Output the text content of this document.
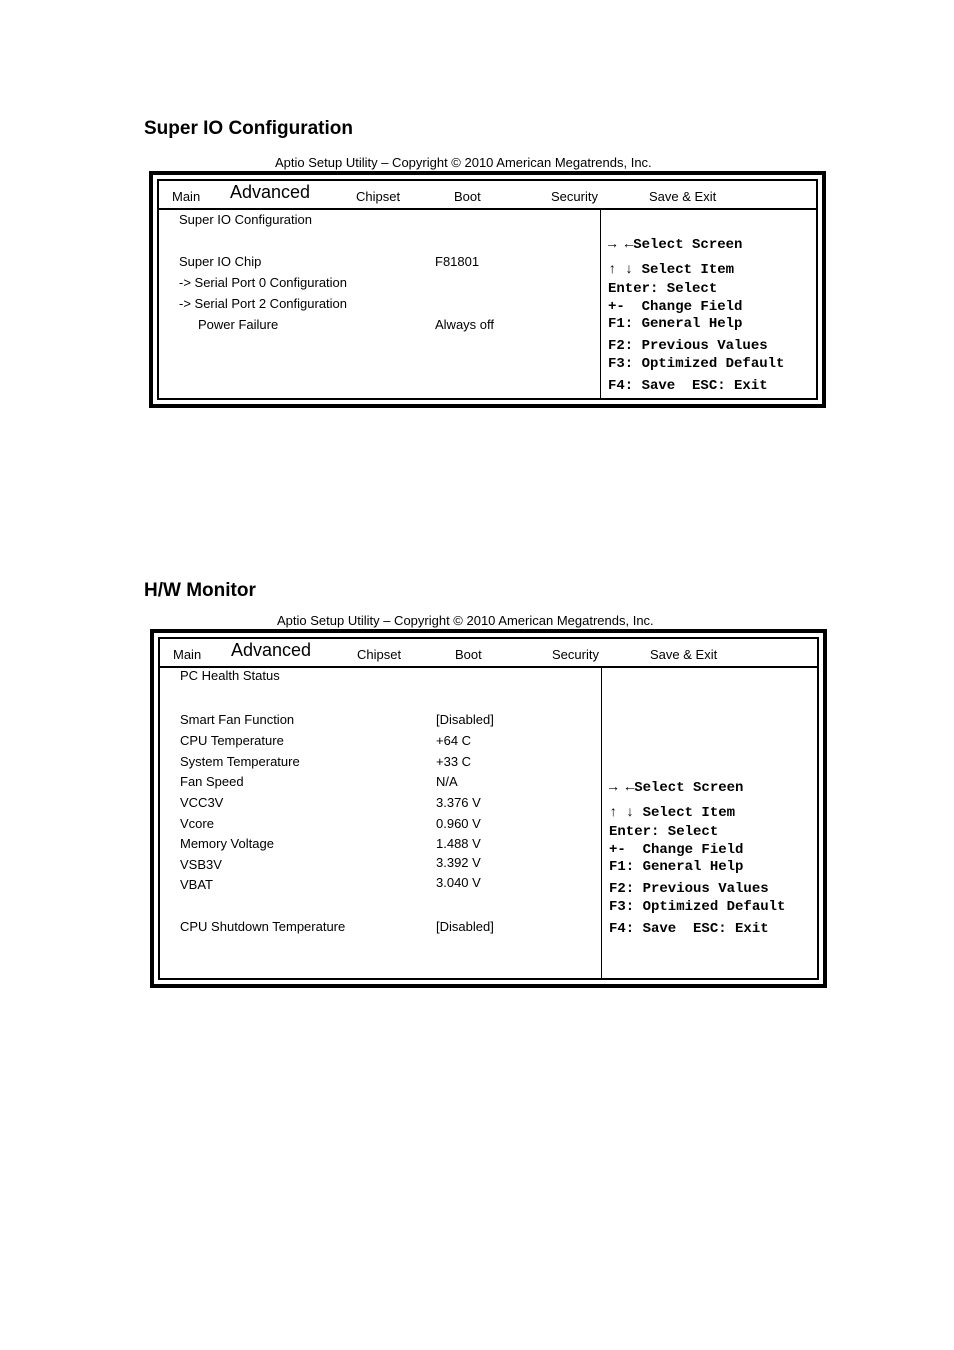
Super IO Configuration
Aptio Setup Utility – Copyright © 2010 American Megatrends, Inc.
Main Advanced	Chipset	Boot	Security	Save & Exit
Super IO Configuration
Super IO Chip	F81801
-> Serial Port 0 Configuration
-> Serial Port 2 Configuration
Power Failure	Always off
→ ←Select Screen
↑ ↓ Select Item
Enter: Select
+-  Change Field
F1: General Help
F2: Previous Values
F3: Optimized Default
F4: Save  ESC: Exit
H/W Monitor
Aptio Setup Utility – Copyright © 2010 American Megatrends, Inc.
Main Advanced	Chipset	Boot	Security	Save & Exit
PC Health Status
Smart Fan Function	[Disabled]
CPU Temperature	+64 C
System Temperature	+33 C
Fan Speed	N/A
VCC3V	3.376 V
Vcore	0.960 V
Memory Voltage	1.488 V
VSB3V	3.392 V
VBAT	3.040 V
CPU Shutdown Temperature	[Disabled]
→ ←Select Screen
↑ ↓ Select Item
Enter: Select
+-  Change Field
F1: General Help
F2: Previous Values
F3: Optimized Default
F4: Save  ESC: Exit
